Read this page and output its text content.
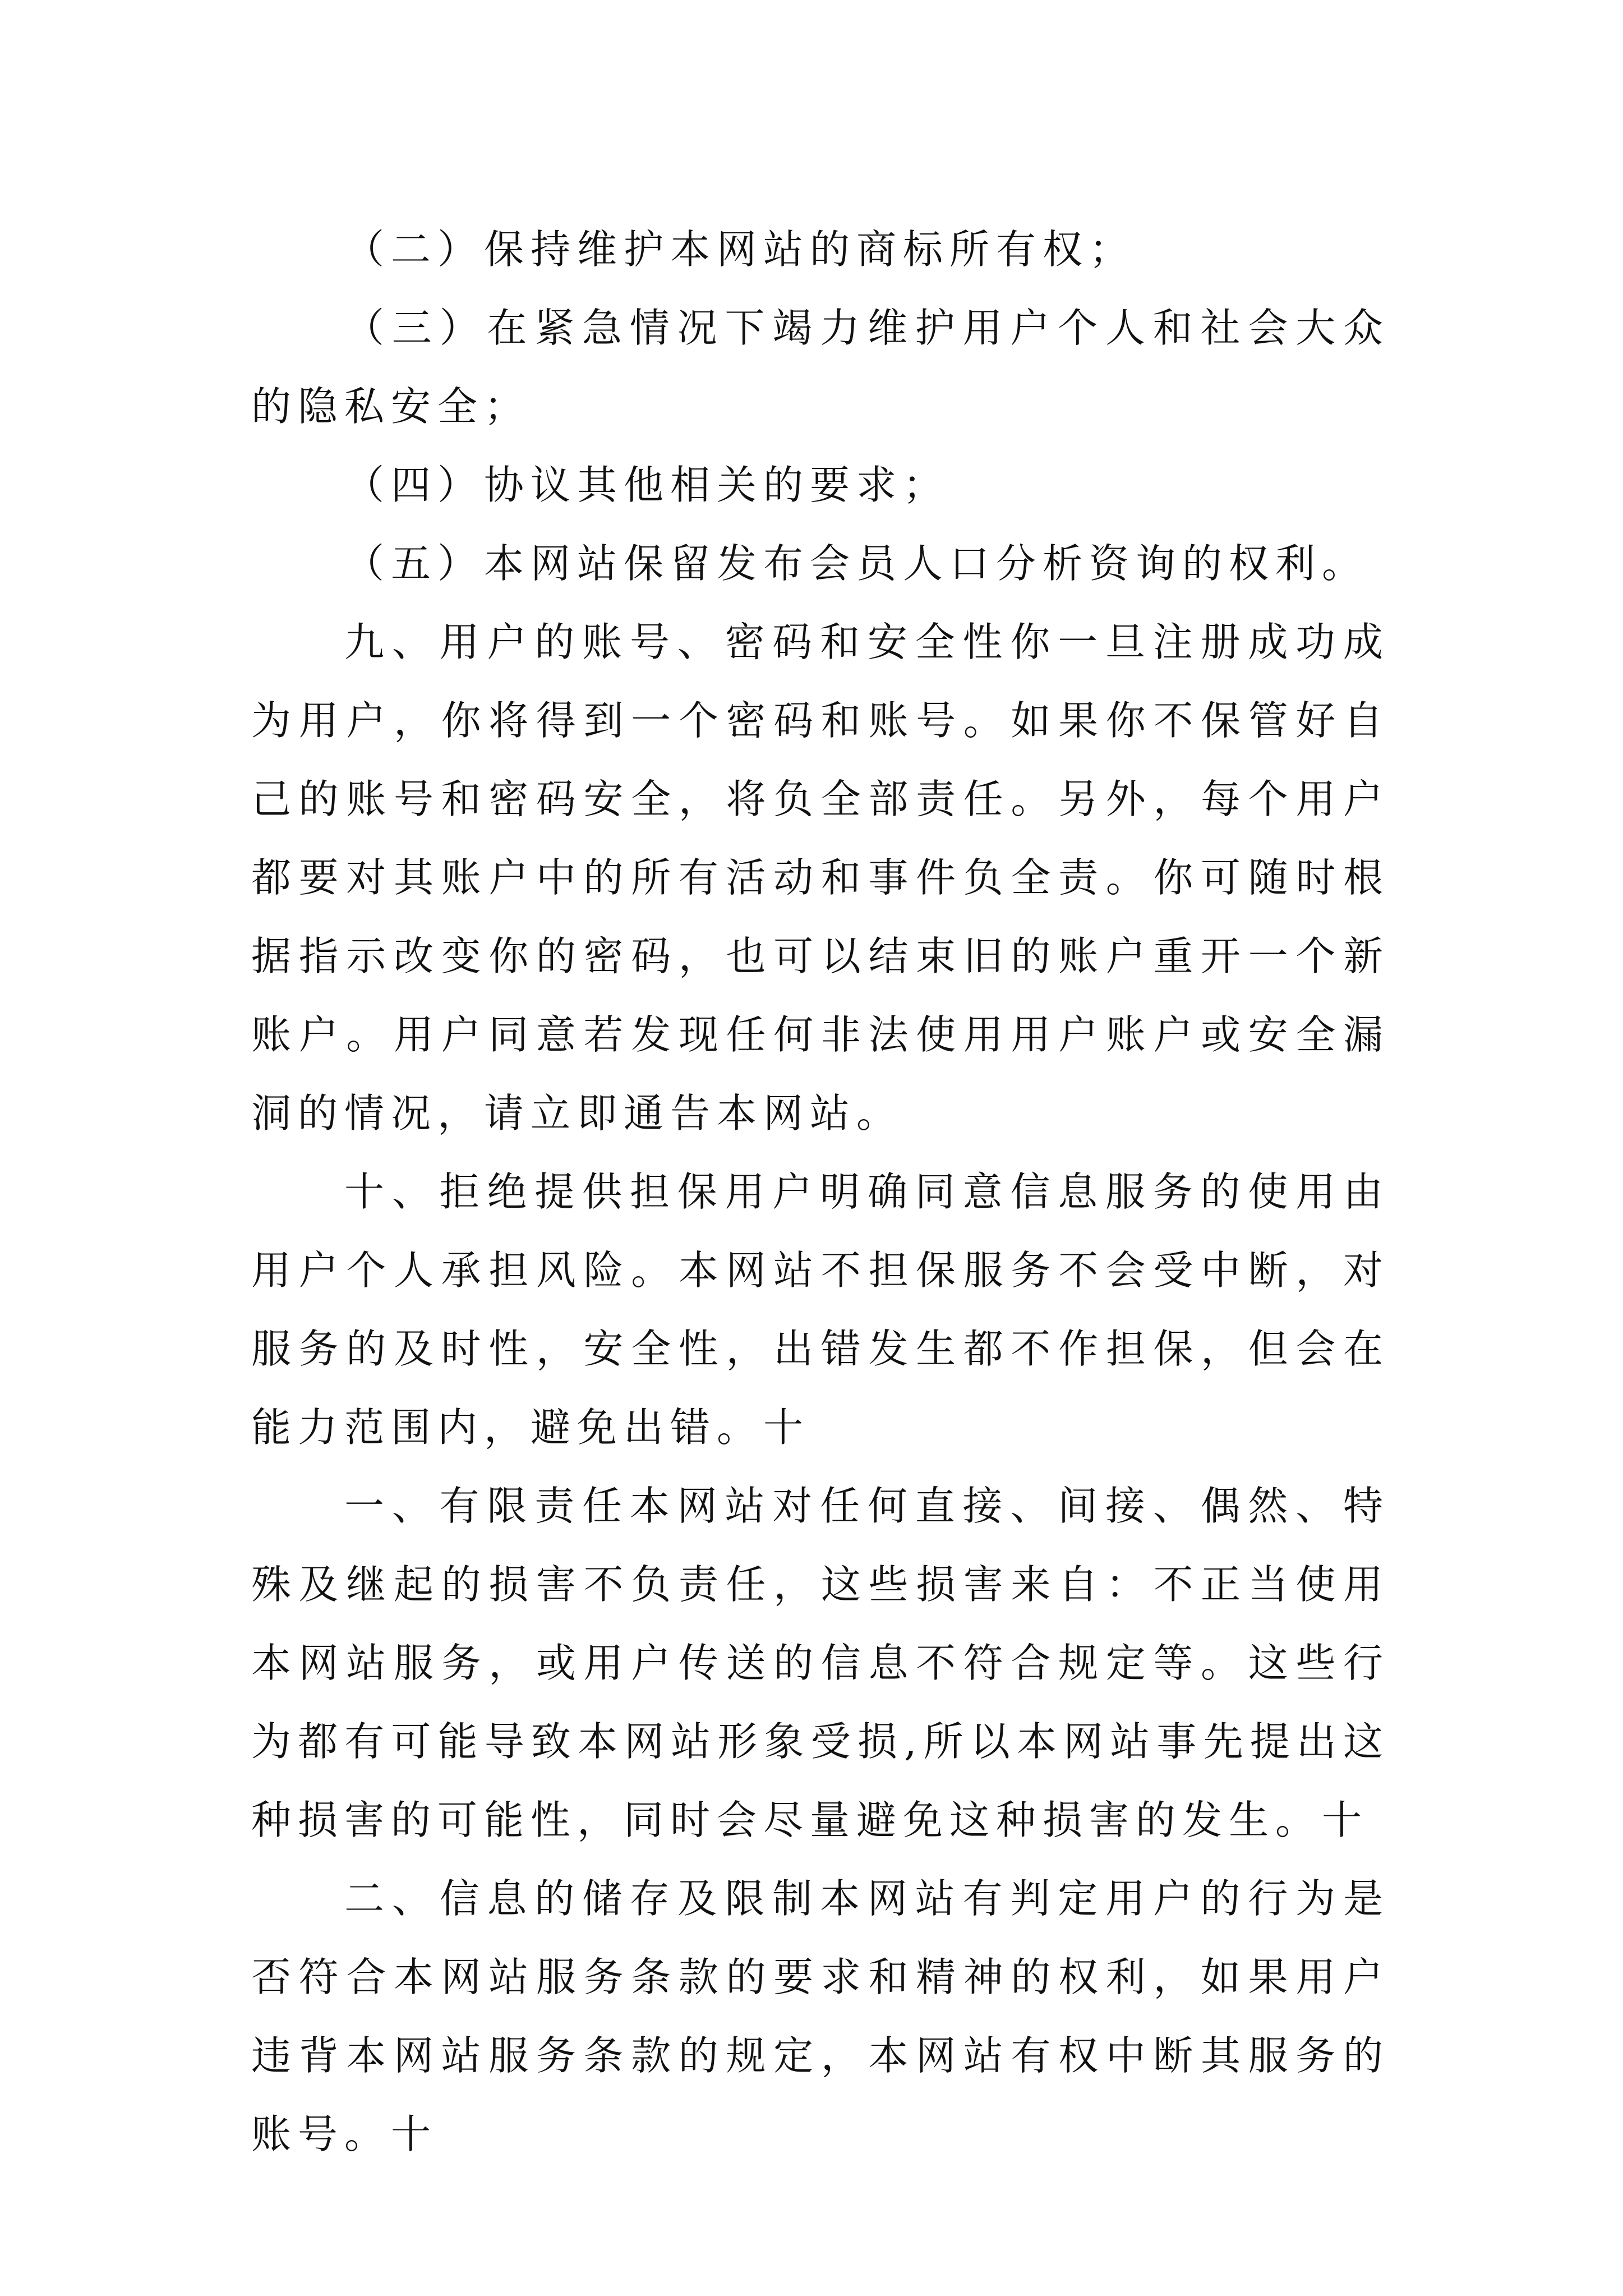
（二）保持维护本网站的商标所有权；

（三）在紧急情况下竭力维护用户个人和社会大众的隐私安全；

（四）协议其他相关的要求；

（五）本网站保留发布会员人口分析资询的权利。

九、用户的账号、密码和安全性你一旦注册成功成为用户，你将得到一个密码和账号。如果你不保管好自己的账号和密码安全，将负全部责任。另外，每个用户都要对其账户中的所有活动和事件负全责。你可随时根据指示改变你的密码，也可以结束旧的账户重开一个新账户。用户同意若发现任何非法使用用户账户或安全漏洞的情况，请立即通告本网站。

十、拒绝提供担保用户明确同意信息服务的使用由用户个人承担风险。本网站不担保服务不会受中断，对服务的及时性，安全性，出错发生都不作担保，但会在能力范围内，避免出错。十

一、有限责任本网站对任何直接、间接、偶然、特殊及继起的损害不负责任，这些损害来自：不正当使用本网站服务，或用户传送的信息不符合规定等。这些行为都有可能导致本网站形象受损,所以本网站事先提出这种损害的可能性，同时会尽量避免这种损害的发生。十

二、信息的储存及限制本网站有判定用户的行为是否符合本网站服务条款的要求和精神的权利，如果用户违背本网站服务条款的规定，本网站有权中断其服务的账号。十
